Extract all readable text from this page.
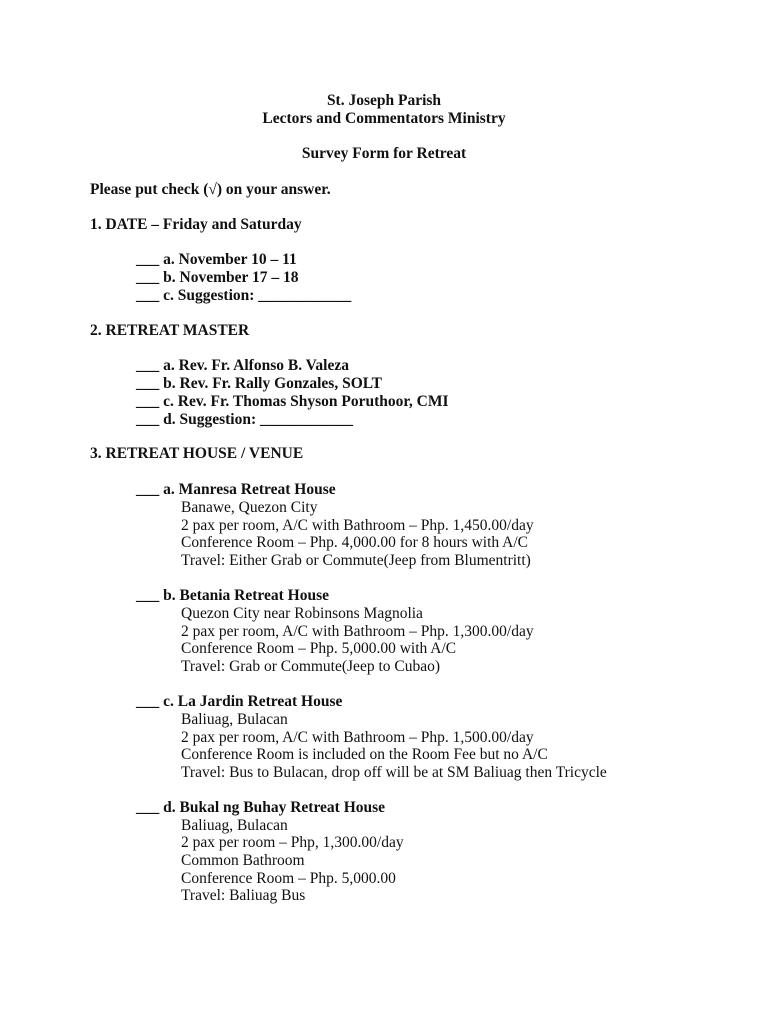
St. Joseph Parish
Lectors and Commentators Ministry
Survey Form for Retreat
Please put check (√) on your answer.
1. DATE – Friday and Saturday
___ a. November 10 – 11
___ b. November 17 – 18
___ c. Suggestion: ____________
2. RETREAT MASTER
___ a. Rev. Fr. Alfonso B. Valeza
___ b. Rev. Fr. Rally Gonzales, SOLT
___ c. Rev. Fr. Thomas Shyson Poruthoor, CMI
___ d. Suggestion: ____________
3. RETREAT HOUSE / VENUE
___ a. Manresa Retreat House
Banawe, Quezon City
2 pax per room, A/C with Bathroom – Php. 1,450.00/day
Conference Room – Php. 4,000.00 for 8 hours with A/C
Travel: Either Grab or Commute(Jeep from Blumentritt)
___ b. Betania Retreat House
Quezon City near Robinsons Magnolia
2 pax per room, A/C with Bathroom – Php. 1,300.00/day
Conference Room – Php. 5,000.00 with A/C
Travel: Grab or Commute(Jeep to Cubao)
___ c. La Jardin Retreat House
Baliuag, Bulacan
2 pax per room, A/C with Bathroom – Php. 1,500.00/day
Conference Room is included on the Room Fee but no A/C
Travel: Bus to Bulacan, drop off will be at SM Baliuag then Tricycle
___ d. Bukal ng Buhay Retreat House
Baliuag, Bulacan
2 pax per room – Php, 1,300.00/day
Common Bathroom
Conference Room – Php. 5,000.00
Travel: Baliuag Bus
